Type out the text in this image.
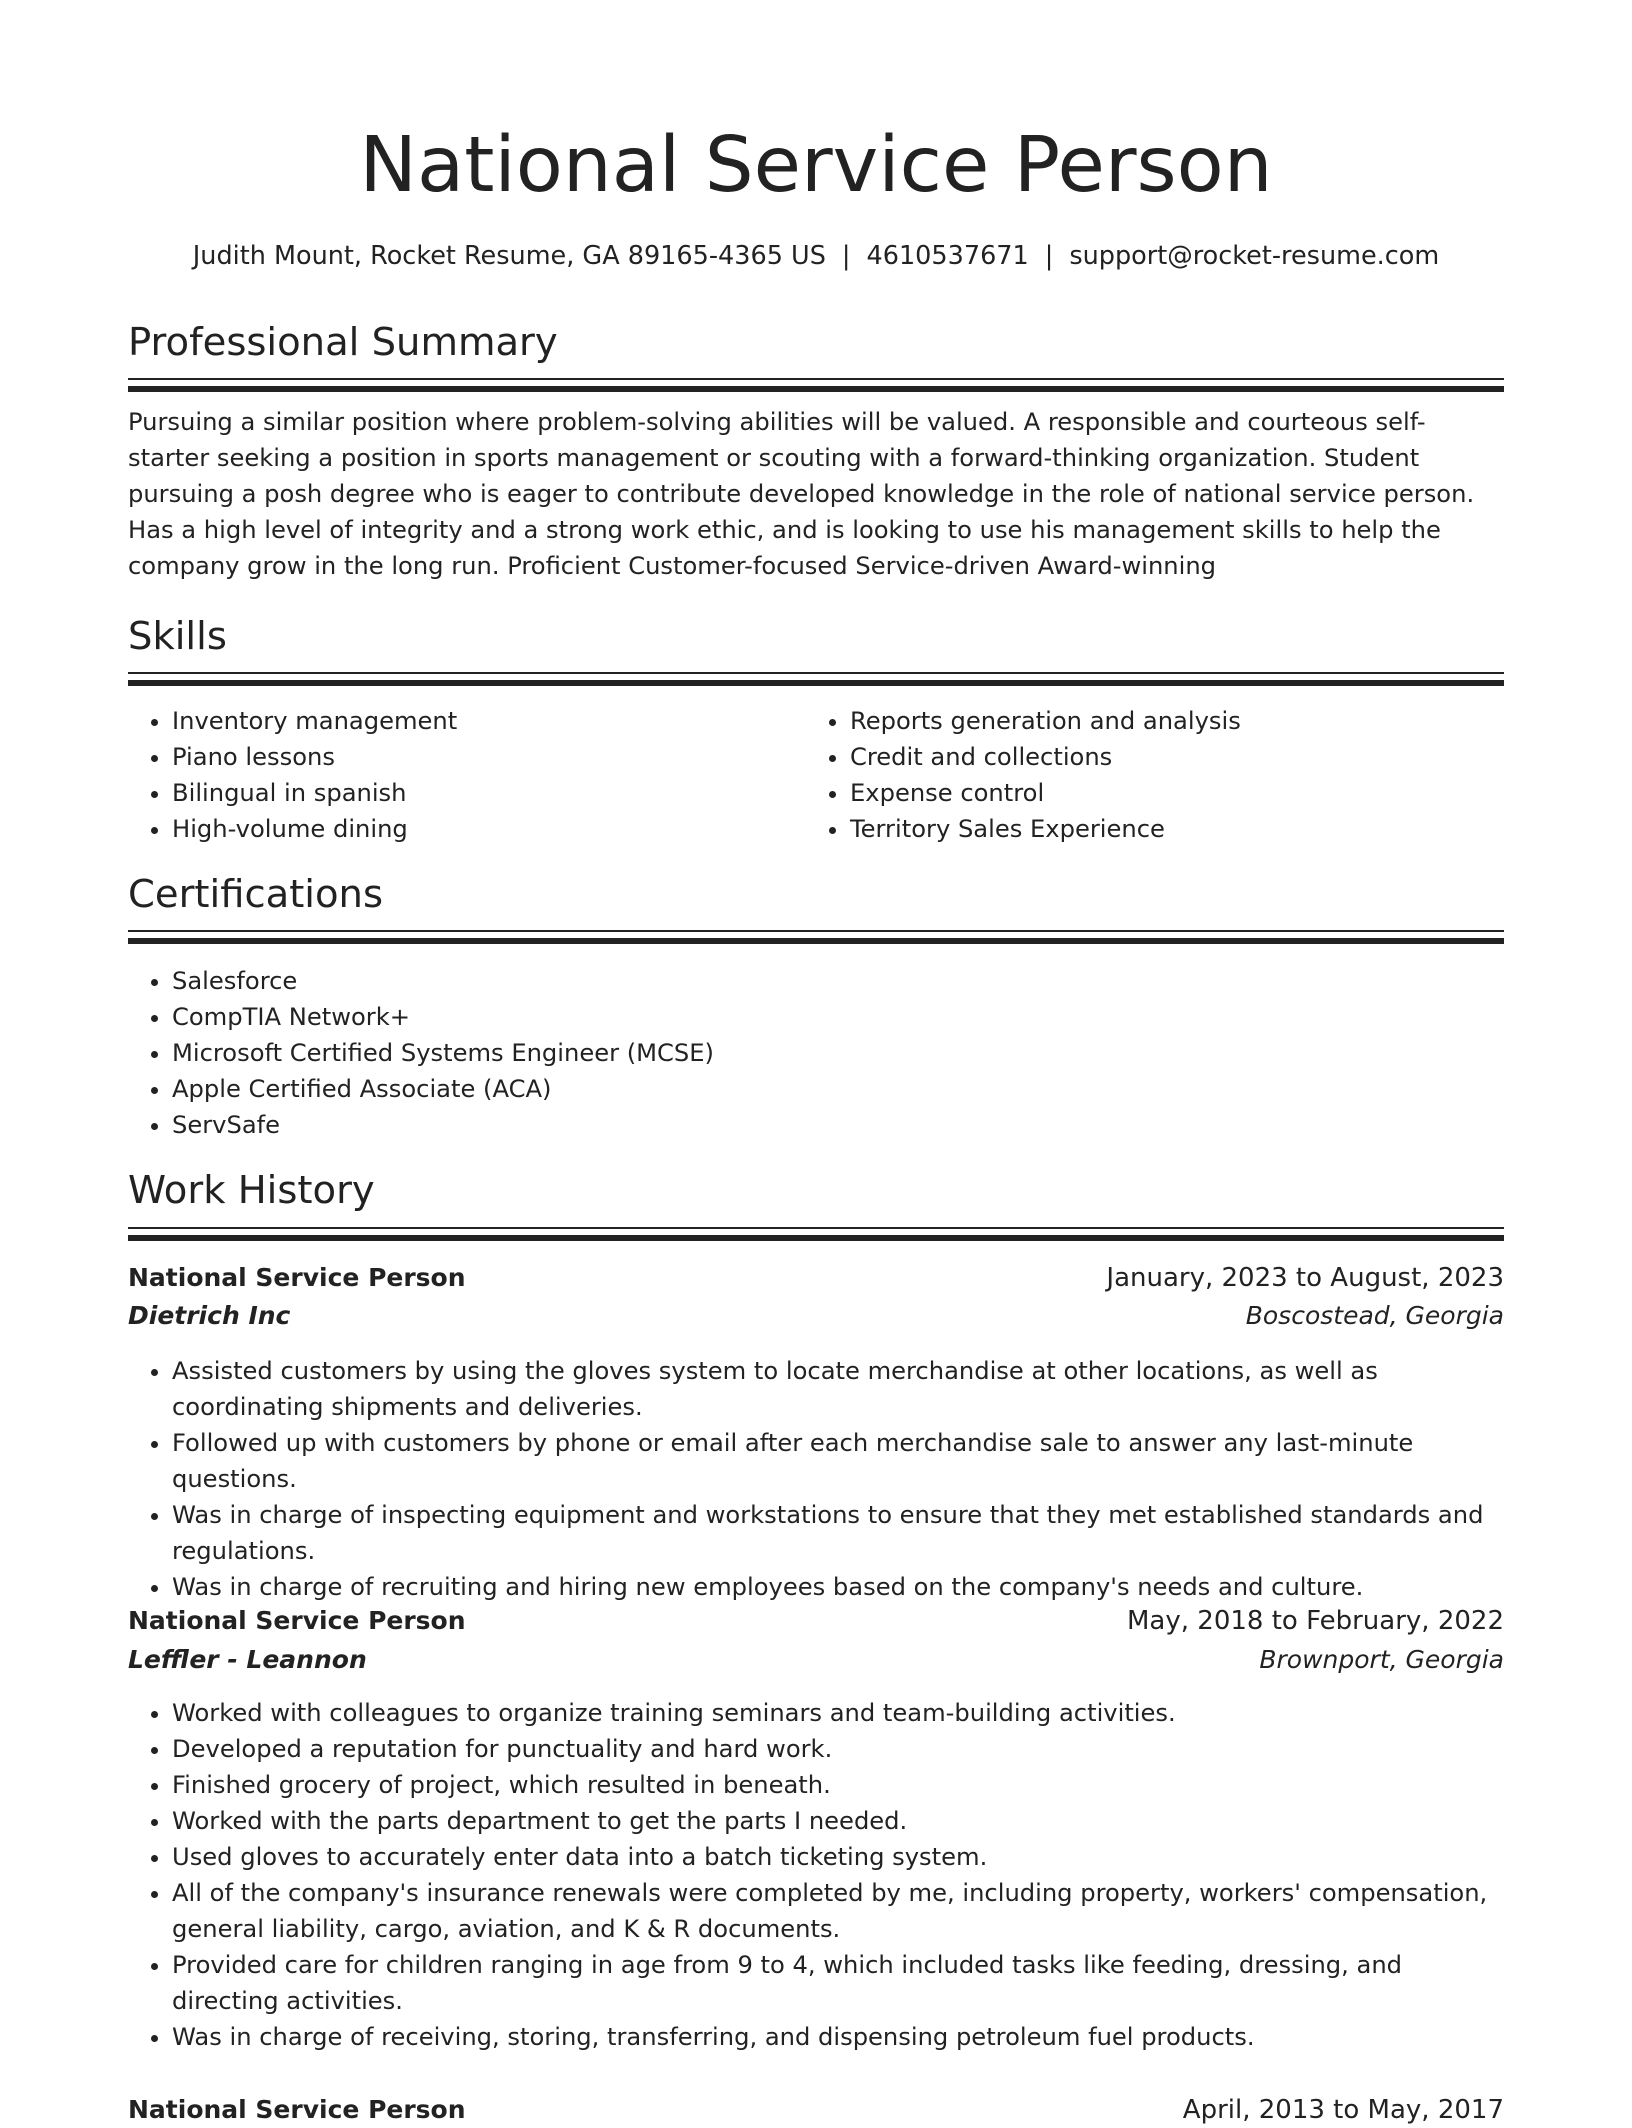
National Service Person
Judith Mount, Rocket Resume, GA 89165-4365 US | 4610537671 | support@rocket-resume.com
Professional Summary

Pursuing a similar position where problem-solving abilities will be valued. A responsible and courteous self-starter seeking a position in sports management or scouting with a forward-thinking organization. Student pursuing a posh degree who is eager to contribute developed knowledge in the role of national service person. Has a high level of integrity and a strong work ethic, and is looking to use his management skills to help the company grow in the long run. Proficient Customer-focused Service-driven Award-winning

Skills
• Inventory management
• Piano lessons
• Bilingual in spanish
• High-volume dining
• Reports generation and analysis
• Credit and collections
• Expense control
• Territory Sales Experience
Certifications
• Salesforce
• CompTIA Network+
• Microsoft Certified Systems Engineer (MCSE)
• Apple Certified Associate (ACA)
• ServSafe
Work History
National Service Person	January, 2023 to August, 2023
Dietrich Inc	Boscostead, Georgia
• Assisted customers by using the gloves system to locate merchandise at other locations, as well as coordinating shipments and deliveries.
• Followed up with customers by phone or email after each merchandise sale to answer any last-minute questions.
• Was in charge of inspecting equipment and workstations to ensure that they met established standards and regulations.
• Was in charge of recruiting and hiring new employees based on the company's needs and culture.
National Service Person	May, 2018 to February, 2022
Leffler - Leannon	Brownport, Georgia
• Worked with colleagues to organize training seminars and team-building activities.
• Developed a reputation for punctuality and hard work.
• Finished grocery of project, which resulted in beneath.
• Worked with the parts department to get the parts I needed.
• Used gloves to accurately enter data into a batch ticketing system.
• All of the company's insurance renewals were completed by me, including property, workers' compensation, general liability, cargo, aviation, and K & R documents.
• Provided care for children ranging in age from 9 to 4, which included tasks like feeding, dressing, and directing activities.
• Was in charge of receiving, storing, transferring, and dispensing petroleum fuel products.
National Service Person	April, 2013 to May, 2017
